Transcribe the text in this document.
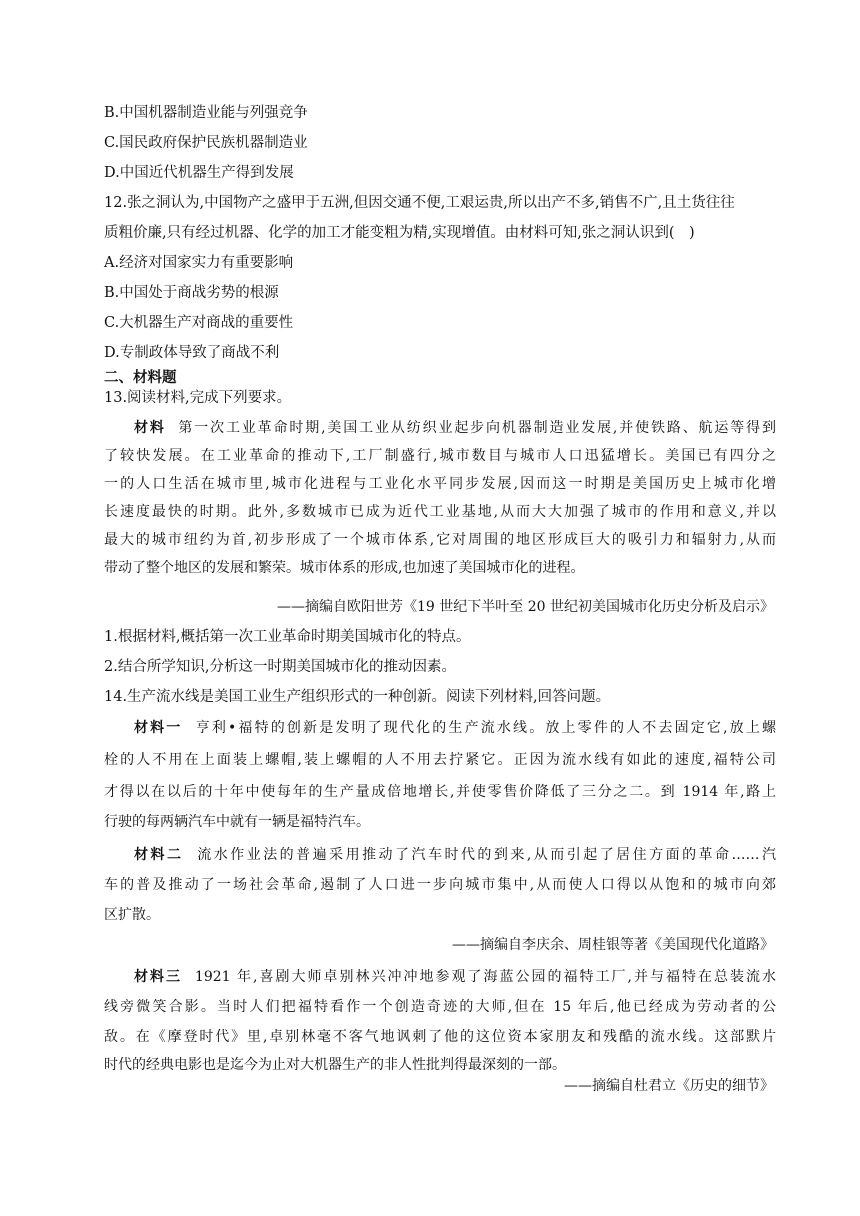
B.中国机器制造业能与列强竞争
C.国民政府保护民族机器制造业
D.中国近代机器生产得到发展
12.张之洞认为,中国物产之盛甲于五洲,但因交通不便,工艰运贵,所以出产不多,销售不广,且土货往往
质粗价廉,只有经过机器、化学的加工才能变粗为精,实现增值。由材料可知,张之洞认识到(　)
A.经济对国家实力有重要影响
B.中国处于商战劣势的根源
C.大机器生产对商战的重要性
D.专制政体导致了商战不利
二、材料题
13.阅读材料,完成下列要求。
材料 第一次工业革命时期,美国工业从纺织业起步向机器制造业发展,并使铁路、航运等得到
了较快发展。在工业革命的推动下,工厂制盛行,城市数目与城市人口迅猛增长。美国已有四分之
一的人口生活在城市里,城市化进程与工业化水平同步发展,因而这一时期是美国历史上城市化增
长速度最快的时期。此外,多数城市已成为近代工业基地,从而大大加强了城市的作用和意义,并以
最大的城市纽约为首,初步形成了一个城市体系,它对周围的地区形成巨大的吸引力和辐射力,从而
带动了整个地区的发展和繁荣。城市体系的形成,也加速了美国城市化的进程。
——摘编自欧阳世芳《19 世纪下半叶至 20 世纪初美国城市化历史分析及启示》
1.根据材料,概括第一次工业革命时期美国城市化的特点。
2.结合所学知识,分析这一时期美国城市化的推动因素。
14.生产流水线是美国工业生产组织形式的一种创新。阅读下列材料,回答问题。
材料一 亨利•福特的创新是发明了现代化的生产流水线。放上零件的人不去固定它,放上螺
栓的人不用在上面装上螺帽,装上螺帽的人不用去拧紧它。正因为流水线有如此的速度,福特公司
才得以在以后的十年中使每年的生产量成倍地增长,并使零售价降低了三分之二。到 1914 年,路上
行驶的每两辆汽车中就有一辆是福特汽车。
材料二 流水作业法的普遍采用推动了汽车时代的到来,从而引起了居住方面的革命……汽
车的普及推动了一场社会革命,遏制了人口进一步向城市集中,从而使人口得以从饱和的城市向郊
区扩散。
——摘编自李庆余、周桂银等著《美国现代化道路》
材料三 1921 年,喜剧大师卓别林兴冲冲地参观了海蓝公园的福特工厂,并与福特在总装流水
线旁微笑合影。当时人们把福特看作一个创造奇迹的大师,但在 15 年后,他已经成为劳动者的公
敌。在《摩登时代》里,卓别林毫不客气地讽刺了他的这位资本家朋友和残酷的流水线。这部默片
时代的经典电影也是迄今为止对大机器生产的非人性批判得最深刻的一部。
——摘编自杜君立《历史的细节》
